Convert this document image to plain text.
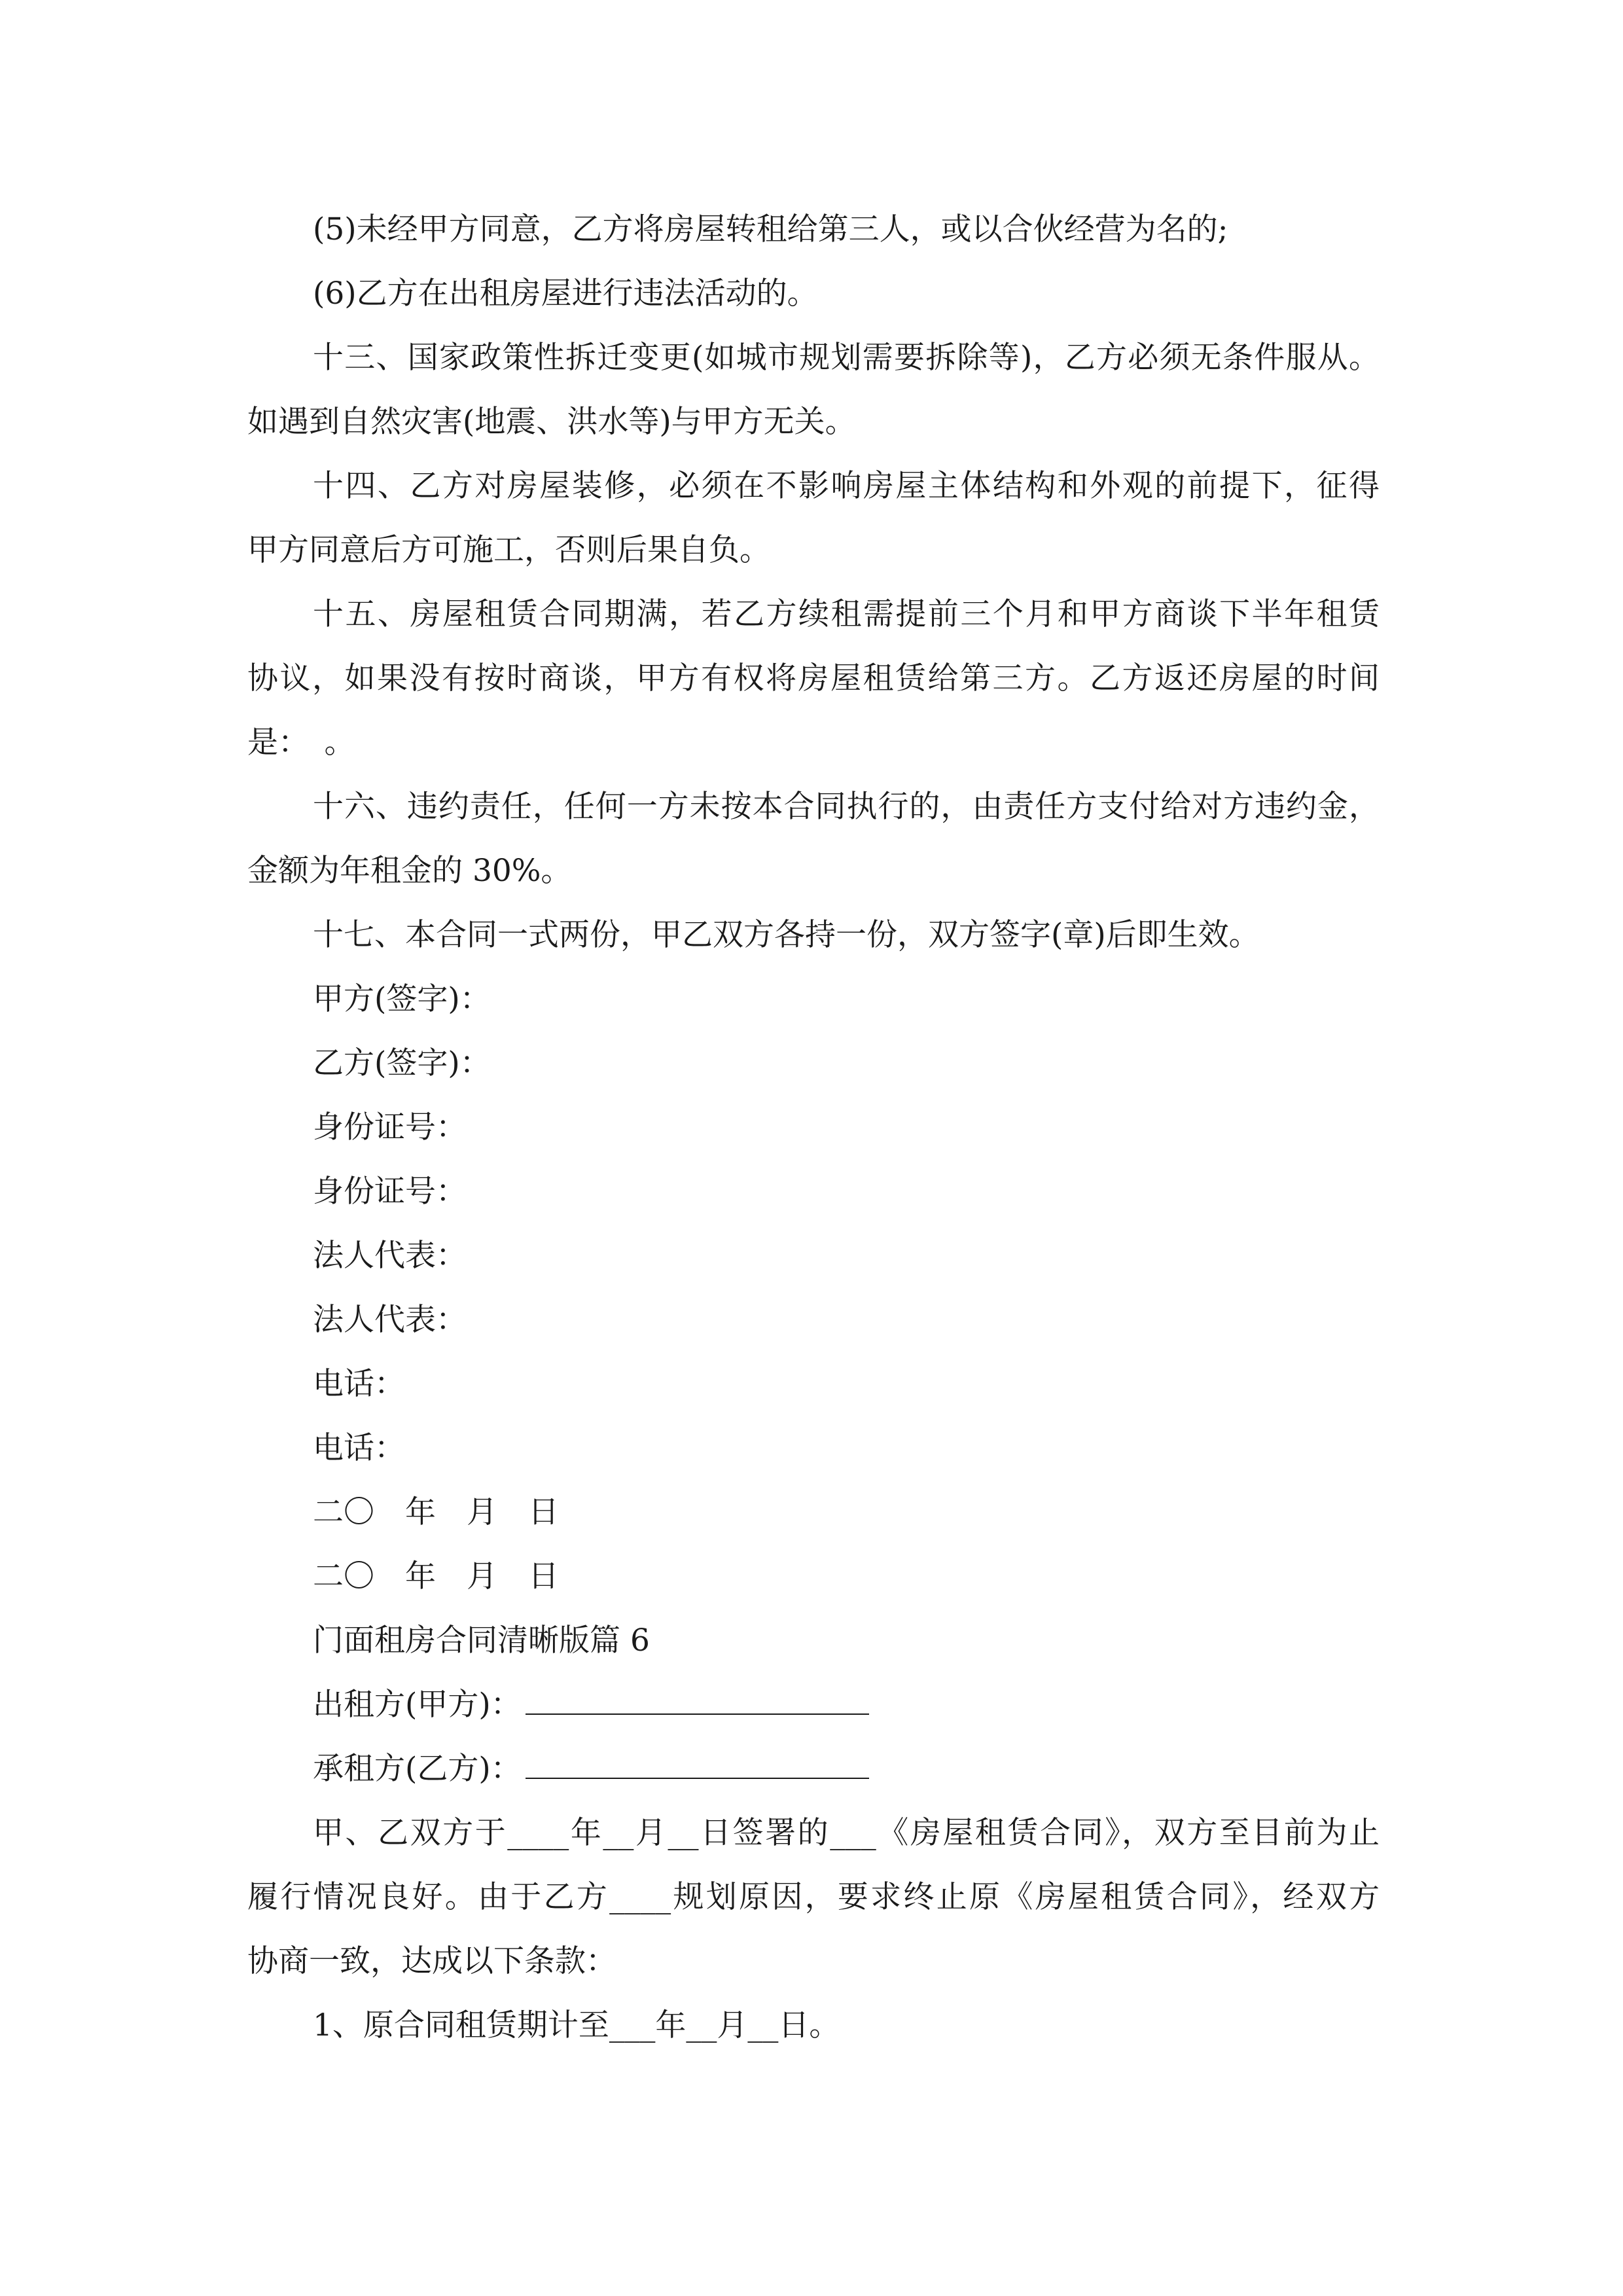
(5)未经甲方同意，乙方将房屋转租给第三人，或以合伙经营为名的;
(6)乙方在出租房屋进行违法活动的。
十三、国家政策性拆迁变更(如城市规划需要拆除等)，乙方必须无条件服从。
如遇到自然灾害(地震、洪水等)与甲方无关。
十四、乙方对房屋装修，必须在不影响房屋主体结构和外观的前提下，征得
甲方同意后方可施工，否则后果自负。
十五、房屋租赁合同期满，若乙方续租需提前三个月和甲方商谈下半年租赁
协议，如果没有按时商谈，甲方有权将房屋租赁给第三方。乙方返还房屋的时间
是：　。
十六、违约责任，任何一方未按本合同执行的，由责任方支付给对方违约金，
金额为年租金的 30%。
十七、本合同一式两份，甲乙双方各持一份，双方签字(章)后即生效。
甲方(签字)：
乙方(签字)：
身份证号：
身份证号：
法人代表：
法人代表：
电话：
电话：
二〇　年　月　日
二〇　年　月　日
门面租房合同清晰版篇 6
出租方(甲方)：
承租方(乙方)：
甲、乙双方于____年__月__日签署的___《房屋租赁合同》，双方至目前为止
履行情况良好。由于乙方____规划原因，要求终止原《房屋租赁合同》，经双方
协商一致，达成以下条款：
1、原合同租赁期计至___年__月__日。
